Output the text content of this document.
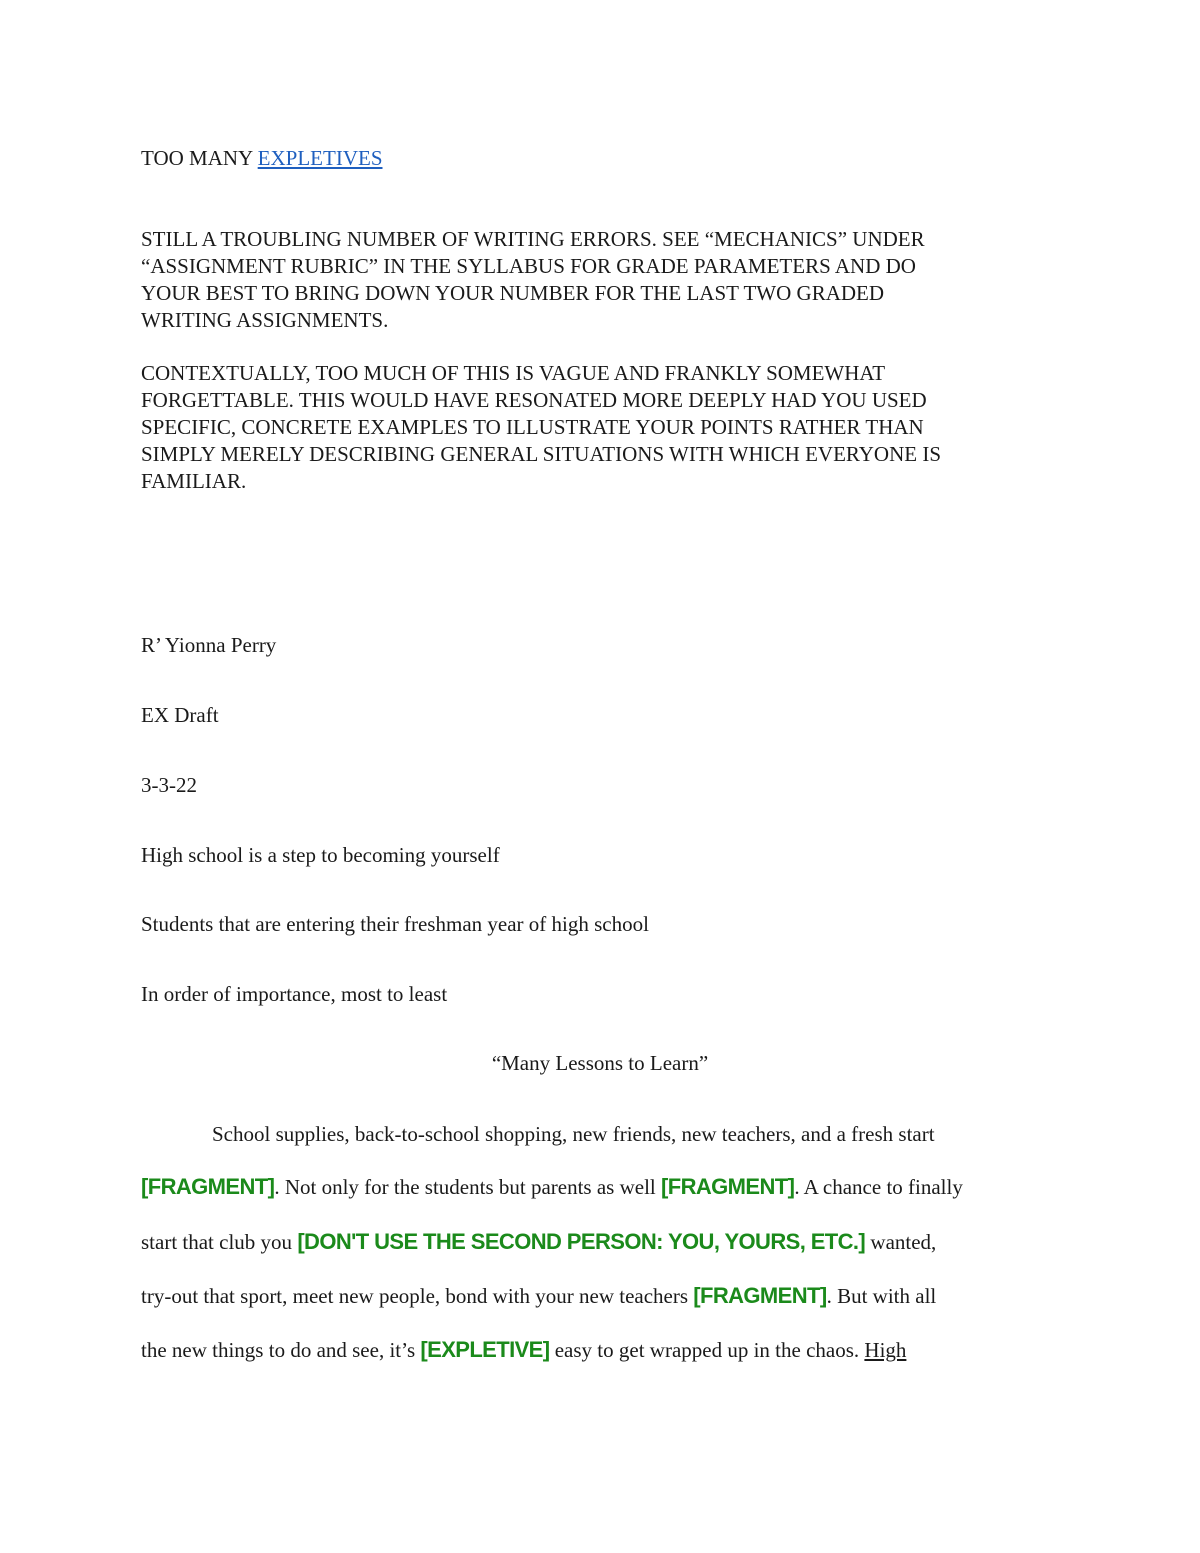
TOO MANY EXPLETIVES
STILL A TROUBLING NUMBER OF WRITING ERRORS. SEE “MECHANICS” UNDER
“ASSIGNMENT RUBRIC” IN THE SYLLABUS FOR GRADE PARAMETERS AND DO
YOUR BEST TO BRING DOWN YOUR NUMBER FOR THE LAST TWO GRADED
WRITING ASSIGNMENTS.
CONTEXTUALLY, TOO MUCH OF THIS IS VAGUE AND FRANKLY SOMEWHAT
FORGETTABLE. THIS WOULD HAVE RESONATED MORE DEEPLY HAD YOU USED
SPECIFIC, CONCRETE EXAMPLES TO ILLUSTRATE YOUR POINTS RATHER THAN
SIMPLY MERELY DESCRIBING GENERAL SITUATIONS WITH WHICH EVERYONE IS
FAMILIAR.
R’ Yionna Perry
EX Draft
3-3-22
High school is a step to becoming yourself
Students that are entering their freshman year of high school
In order of importance, most to least
“Many Lessons to Learn”
School supplies, back-to-school shopping, new friends, new teachers, and a fresh start
[FRAGMENT]. Not only for the students but parents as well [FRAGMENT]. A chance to finally
start that club you [DON'T USE THE SECOND PERSON: YOU, YOURS, ETC.] wanted,
try-out that sport, meet new people, bond with your new teachers [FRAGMENT]. But with all
the new things to do and see, it’s [EXPLETIVE] easy to get wrapped up in the chaos. High
